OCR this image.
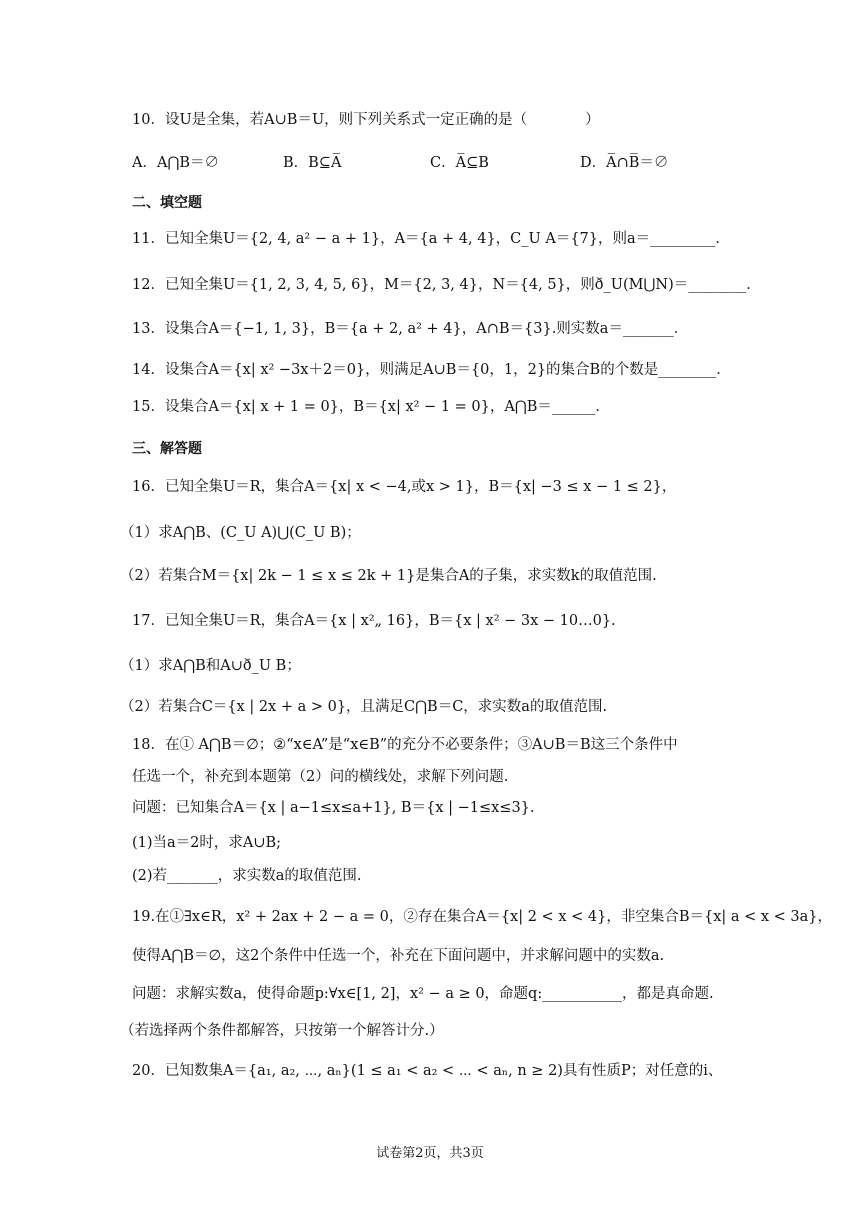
10．设U是全集，若A∪B＝U，则下列关系式一定正确的是（　　　　）
A．A⋂B＝∅	B．B⊆A̅	C．A̅⊆B	D．A̅∩B̅＝∅
二、填空题
11．已知全集U＝{2, 4, a² − a + 1}，A＝{a + 4, 4}，C_U A＝{7}，则a＝_________．
12．已知全集U＝{1, 2, 3, 4, 5, 6}，M＝{2, 3, 4}，N＝{4, 5}，则ð_U(M⋃N)＝________．
13．设集合A＝{−1, 1, 3}，B＝{a + 2, a² + 4}，A∩B＝{3}.则实数a＝_______．
14．设集合A＝{x| x² −3x＋2＝0}，则满足A∪B＝{0，1，2}的集合B的个数是________．
15．设集合A＝{x| x + 1 = 0}，B＝{x| x² − 1 = 0}，A⋂B＝______．
三、解答题
16．已知全集U＝R，集合A＝{x| x < −4,或x > 1}，B＝{x| −3 ≤ x − 1 ≤ 2}，
（1）求A⋂B、(C_U A)⋃(C_U B)；
（2）若集合M＝{x| 2k − 1 ≤ x ≤ 2k + 1}是集合A的子集，求实数k的取值范围.
17．已知全集U＝R，集合A＝{x | x²„ 16}，B＝{x | x² − 3x − 10…0}.
（1）求A⋂B和A∪ð_U B；
（2）若集合C＝{x | 2x + a > 0}，且满足C⋂B＝C，求实数a的取值范围.
18．在① A⋂B＝∅；②“x∈A”是“x∈B”的充分不必要条件；③A∪B＝B这三个条件中
任选一个，补充到本题第（2）问的横线处，求解下列问题.
问题：已知集合A＝{x | a−1≤x≤a+1}, B＝{x | −1≤x≤3}.
(1)当a＝2时，求A∪B;
(2)若_______，求实数a的取值范围.
19.在①∃x∈R，x² + 2ax + 2 − a = 0，②存在集合A＝{x| 2 < x < 4}，非空集合B＝{x| a < x < 3a}，
使得A⋂B＝∅，这2个条件中任选一个，补充在下面问题中，并求解问题中的实数a.
问题：求解实数a，使得命题p:∀x∈[1, 2]，x² − a ≥ 0，命题q:___________，都是真命题.
（若选择两个条件都解答，只按第一个解答计分.）
20．已知数集A＝{a₁, a₂, ⋯, aₙ}(1 ≤ a₁ < a₂ < ⋯ < aₙ, n ≥ 2)具有性质P；对任意的i、
试卷第2页，共3页
